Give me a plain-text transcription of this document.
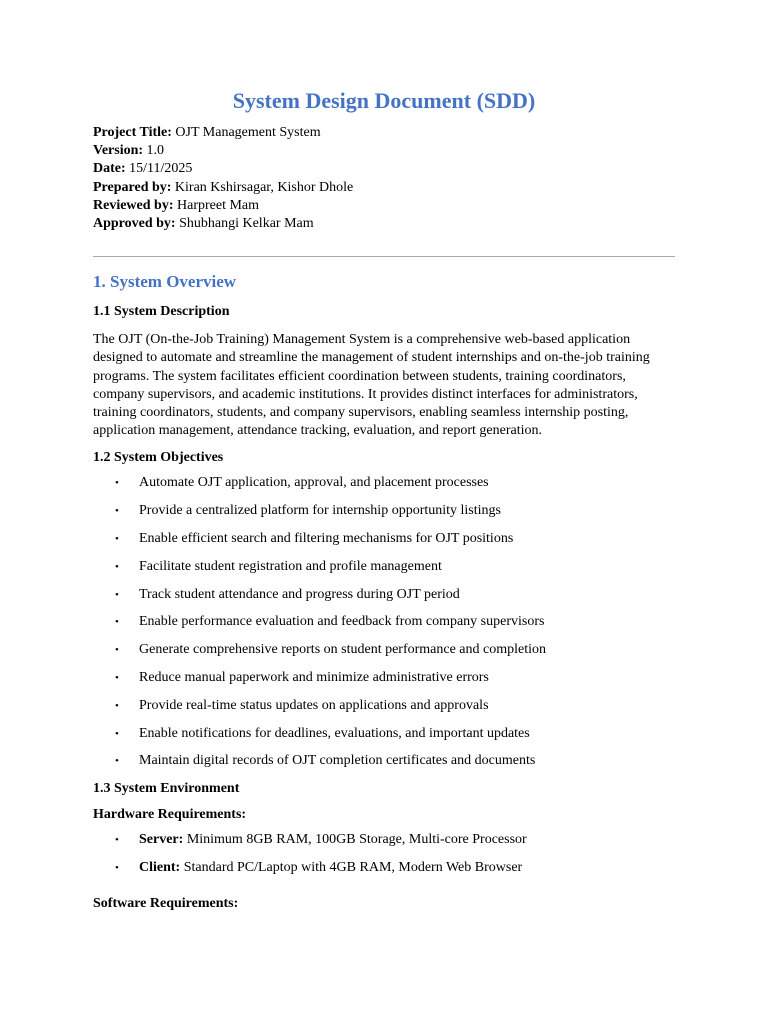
System Design Document (SDD)
Project Title: OJT Management System
Version: 1.0
Date: 15/11/2025
Prepared by: Kiran Kshirsagar, Kishor Dhole
Reviewed by: Harpreet Mam
Approved by: Shubhangi Kelkar Mam
1. System Overview
1.1 System Description

The OJT (On-the-Job Training) Management System is a comprehensive web-based application designed to automate and streamline the management of student internships and on-the-job training programs. The system facilitates efficient coordination between students, training coordinators, company supervisors, and academic institutions. It provides distinct interfaces for administrators, training coordinators, students, and company supervisors, enabling seamless internship posting, application management, attendance tracking, evaluation, and report generation.

1.2 System Objectives
• Automate OJT application, approval, and placement processes
• Provide a centralized platform for internship opportunity listings
• Enable efficient search and filtering mechanisms for OJT positions
• Facilitate student registration and profile management
• Track student attendance and progress during OJT period
• Enable performance evaluation and feedback from company supervisors
• Generate comprehensive reports on student performance and completion
• Reduce manual paperwork and minimize administrative errors
• Provide real-time status updates on applications and approvals
• Enable notifications for deadlines, evaluations, and important updates
• Maintain digital records of OJT completion certificates and documents
1.3 System Environment
Hardware Requirements:
• Server: Minimum 8GB RAM, 100GB Storage, Multi-core Processor
• Client: Standard PC/Laptop with 4GB RAM, Modern Web Browser
Software Requirements:
